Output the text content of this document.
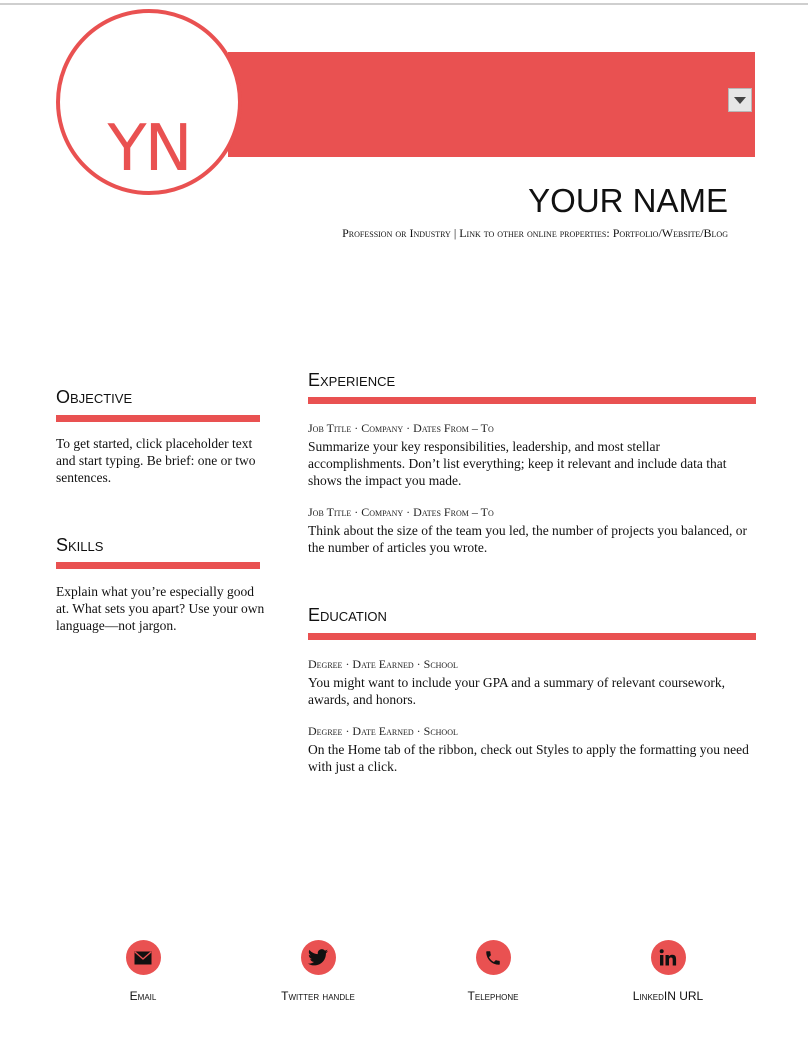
YN
YOUR NAME
Profession or Industry | Link to other online properties: Portfolio/Website/Blog
Objective
To get started, click placeholder text and start typing. Be brief: one or two sentences.
Skills
Explain what you’re especially good at. What sets you apart? Use your own language—not jargon.
Experience
Job Title · Company · Dates From – To
Summarize your key responsibilities, leadership, and most stellar accomplishments. Don’t list everything; keep it relevant and include data that shows the impact you made.
Job Title · Company · Dates From – To
Think about the size of the team you led, the number of projects you balanced, or the number of articles you wrote.
Education
Degree · Date Earned · School
You might want to include your GPA and a summary of relevant coursework, awards, and honors.
Degree · Date Earned · School
On the Home tab of the ribbon, check out Styles to apply the formatting you need with just a click.
Email	Twitter handle	Telephone	LinkedIN URL
